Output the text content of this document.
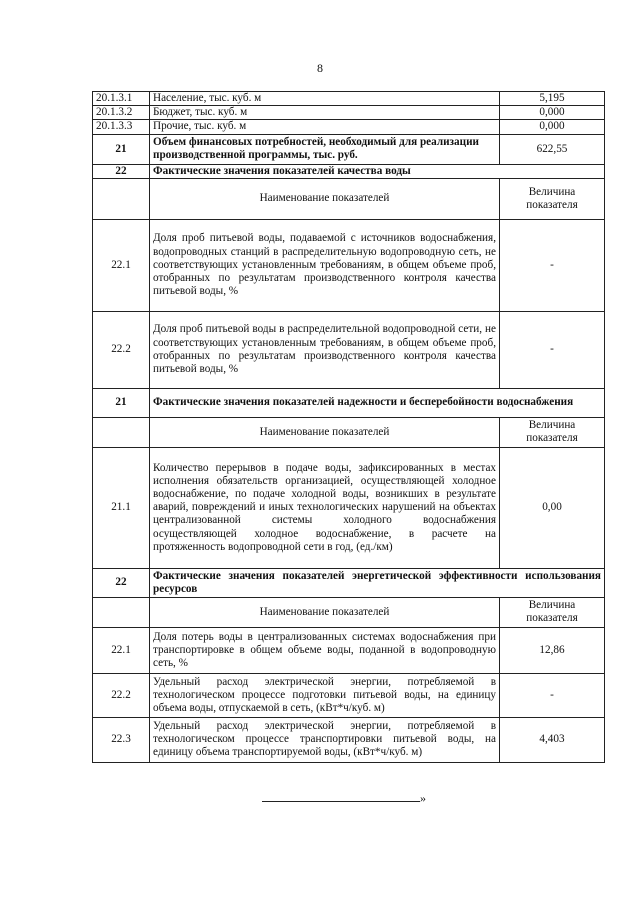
8
20.1.3.1	Население, тыс. куб. м	5,195
20.1.3.2	Бюджет, тыс. куб. м	0,000
20.1.3.3	Прочие, тыс. куб. м	0,000
21	Объем финансовых потребностей, необходимый для реализации производственной программы, тыс. руб.	622,55
22	Фактические значения показателей качества воды	
	Наименование показателей	Величина показателя
22.1	Доля проб питьевой воды, подаваемой с источников водоснабжения, водопроводных станций в распределительную водопроводную сеть, не соответствующих установленным требованиям, в общем объеме проб, отобранных по результатам производственного контроля качества питьевой воды, %	-
22.2	Доля проб питьевой воды в распределительной водопроводной сети, не соответствующих установленным требованиям, в общем объеме проб, отобранных по результатам производственного контроля качества питьевой воды, %	-
21	Фактические значения показателей надежности и бесперебойности водоснабжения	
	Наименование показателей	Величина показателя
21.1	Количество перерывов в подаче воды, зафиксированных в местах исполнения обязательств организацией, осуществляющей холодное водоснабжение, по подаче холодной воды, возникших в результате аварий, повреждений и иных технологических нарушений на объектах централизованной системы холодного водоснабжения осуществляющей холодное водоснабжение, в расчете на протяженность водопроводной сети в год, (ед./км)	0,00
22	Фактические значения показателей энергетической эффективности использования ресурсов	
	Наименование показателей	Величина показателя
22.1	Доля потерь воды в централизованных системах водоснабжения при транспортировке в общем объеме воды, поданной в водопроводную сеть, %	12,86
22.2	Удельный расход электрической энергии, потребляемой в технологическом процессе подготовки питьевой воды, на единицу объема воды, отпускаемой в сеть, (кВт*ч/куб. м)	-
22.3	Удельный расход электрической энергии, потребляемой в технологическом процессе транспортировки питьевой воды, на единицу объема транспортируемой воды, (кВт*ч/куб. м)	4,403
»
